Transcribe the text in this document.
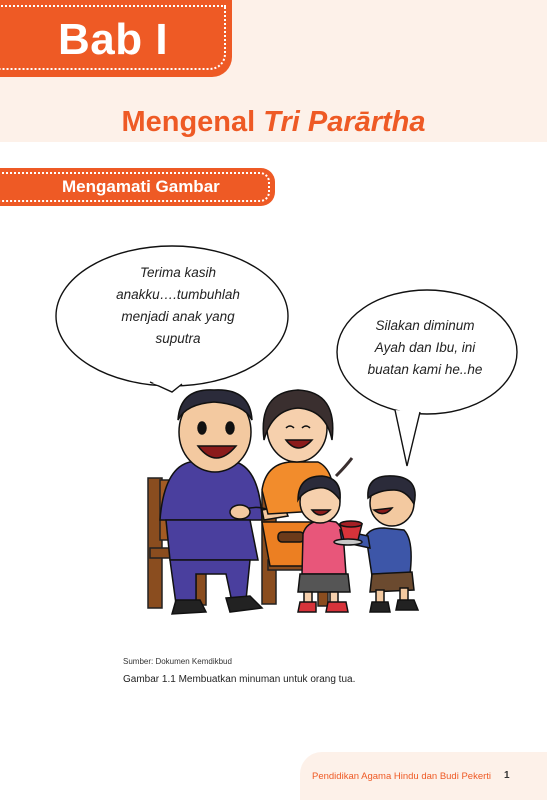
Bab I
Mengenal Tri Parārtha
Mengamati Gambar
Terima kasih
anakku….tumbuhlah
menjadi anak yang
suputra
Silakan diminum
Ayah dan Ibu, ini
buatan kami he..he
Sumber: Dokumen Kemdikbud
Gambar 1.1 Membuatkan minuman untuk orang tua.
Pendidikan Agama Hindu dan Budi Pekerti 1
